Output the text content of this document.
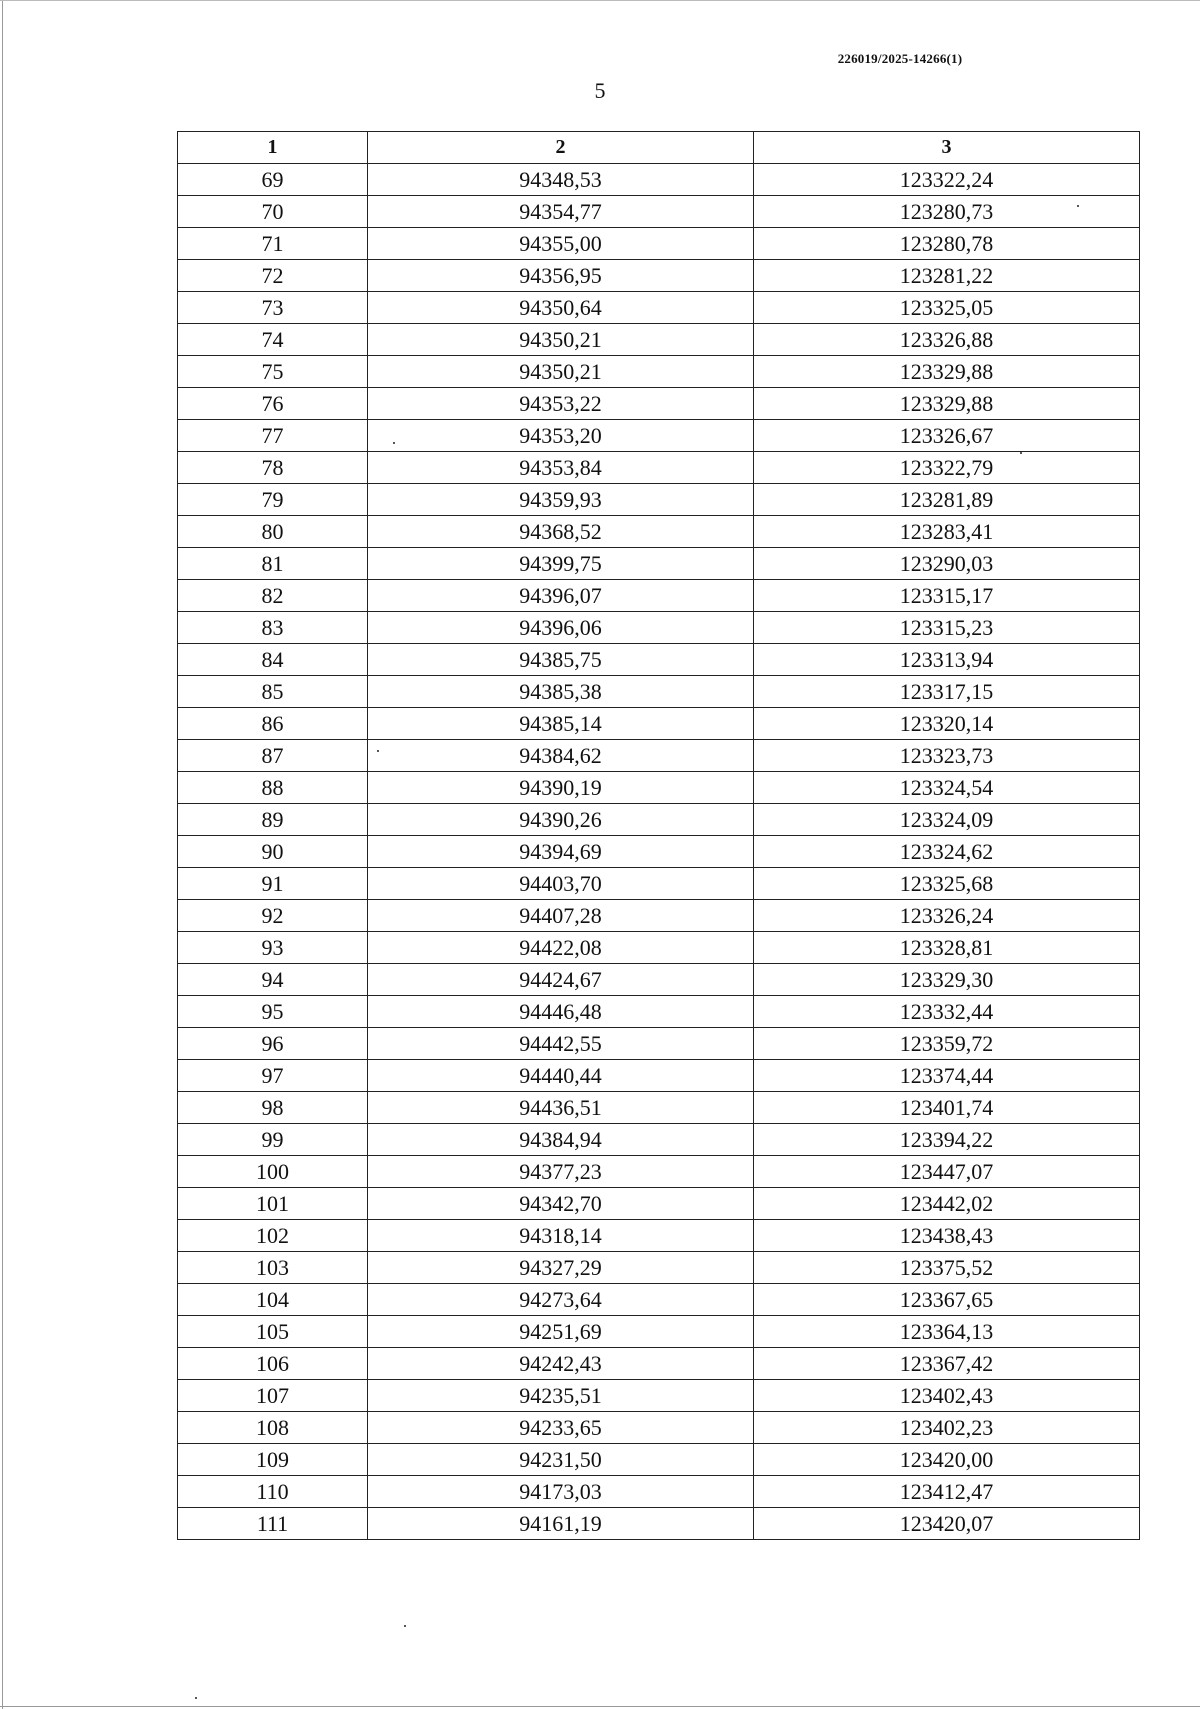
226019/2025-14266(1)
5
1	2	3
69	94348,53	123322,24
70	94354,77	123280,73
71	94355,00	123280,78
72	94356,95	123281,22
73	94350,64	123325,05
74	94350,21	123326,88
75	94350,21	123329,88
76	94353,22	123329,88
77	94353,20	123326,67
78	94353,84	123322,79
79	94359,93	123281,89
80	94368,52	123283,41
81	94399,75	123290,03
82	94396,07	123315,17
83	94396,06	123315,23
84	94385,75	123313,94
85	94385,38	123317,15
86	94385,14	123320,14
87	94384,62	123323,73
88	94390,19	123324,54
89	94390,26	123324,09
90	94394,69	123324,62
91	94403,70	123325,68
92	94407,28	123326,24
93	94422,08	123328,81
94	94424,67	123329,30
95	94446,48	123332,44
96	94442,55	123359,72
97	94440,44	123374,44
98	94436,51	123401,74
99	94384,94	123394,22
100	94377,23	123447,07
101	94342,70	123442,02
102	94318,14	123438,43
103	94327,29	123375,52
104	94273,64	123367,65
105	94251,69	123364,13
106	94242,43	123367,42
107	94235,51	123402,43
108	94233,65	123402,23
109	94231,50	123420,00
110	94173,03	123412,47
111	94161,19	123420,07
